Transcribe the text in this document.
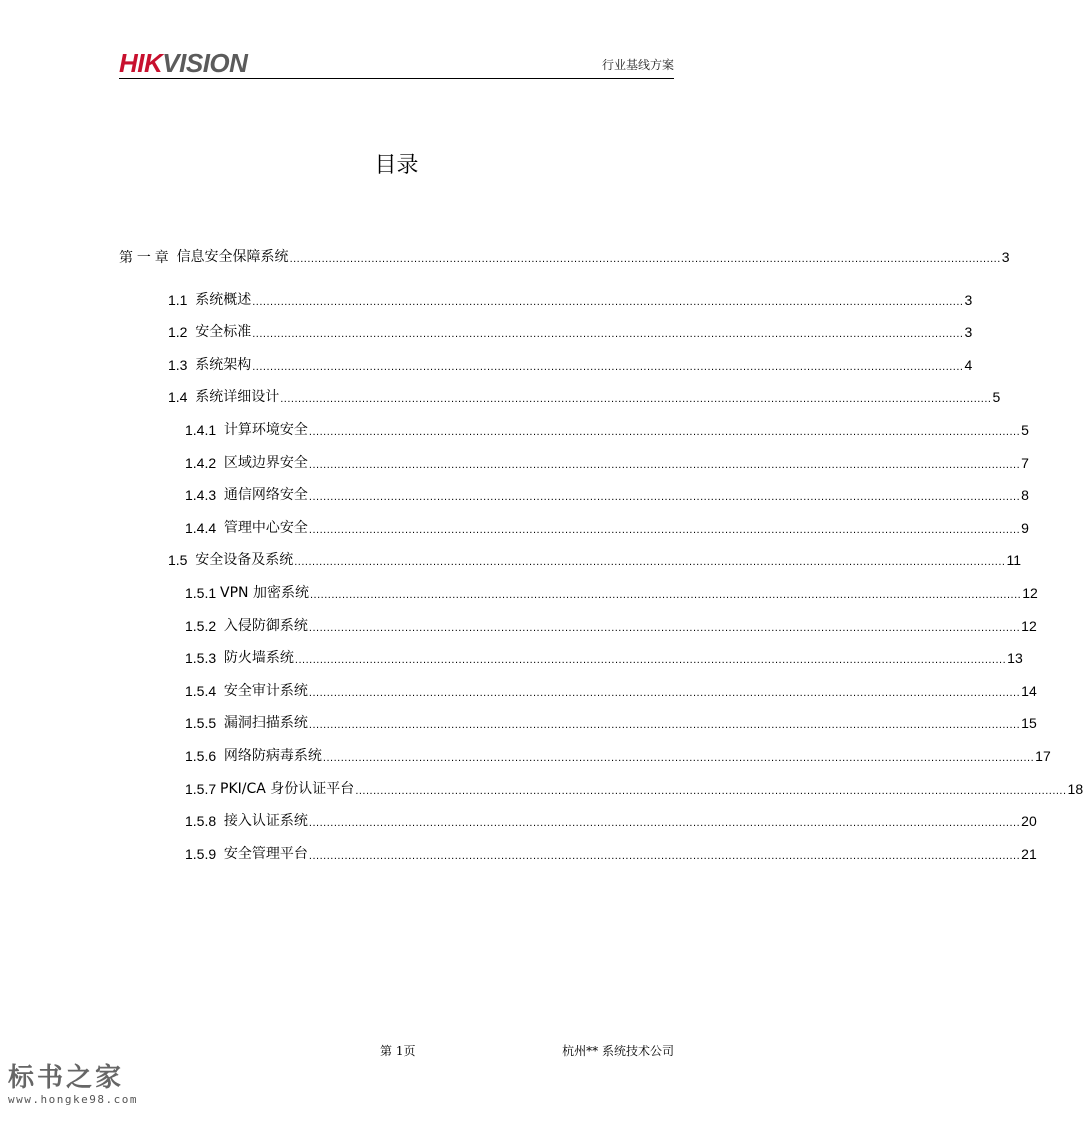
HIKVISION	行业基线方案
目录
第 一 章 信息安全保障系统 ........................................................................................................................................................................................................ 3
1.1 系统概述 ........................................................................................................................................................................................................ 3
1.2 安全标准 ........................................................................................................................................................................................................ 3
1.3 系统架构 ........................................................................................................................................................................................................ 4
1.4 系统详细设计 ........................................................................................................................................................................................................ 5
1.4.1 计算环境安全 ........................................................................................................................................................................................................ 5
1.4.2 区域边界安全 ........................................................................................................................................................................................................ 7
1.4.3 通信网络安全 ........................................................................................................................................................................................................ 8
1.4.4 管理中心安全 ........................................................................................................................................................................................................ 9
1.5 安全设备及系统 ........................................................................................................................................................................................................ 11
1.5.1 VPN 加密系统 ........................................................................................................................................................................................................ 12
1.5.2 入侵防御系统 ........................................................................................................................................................................................................ 12
1.5.3 防火墙系统 ........................................................................................................................................................................................................ 13
1.5.4 安全审计系统 ........................................................................................................................................................................................................ 14
1.5.5 漏洞扫描系统 ........................................................................................................................................................................................................ 15
1.5.6 网络防病毒系统 ........................................................................................................................................................................................................ 17
1.5.7 PKI/CA 身份认证平台 ........................................................................................................................................................................................................ 18
1.5.8 接入认证系统 ........................................................................................................................................................................................................ 20
1.5.9 安全管理平台 ........................................................................................................................................................................................................ 21
第 1页	杭州** 系统技术公司
标书之家
www.hongke98.com
